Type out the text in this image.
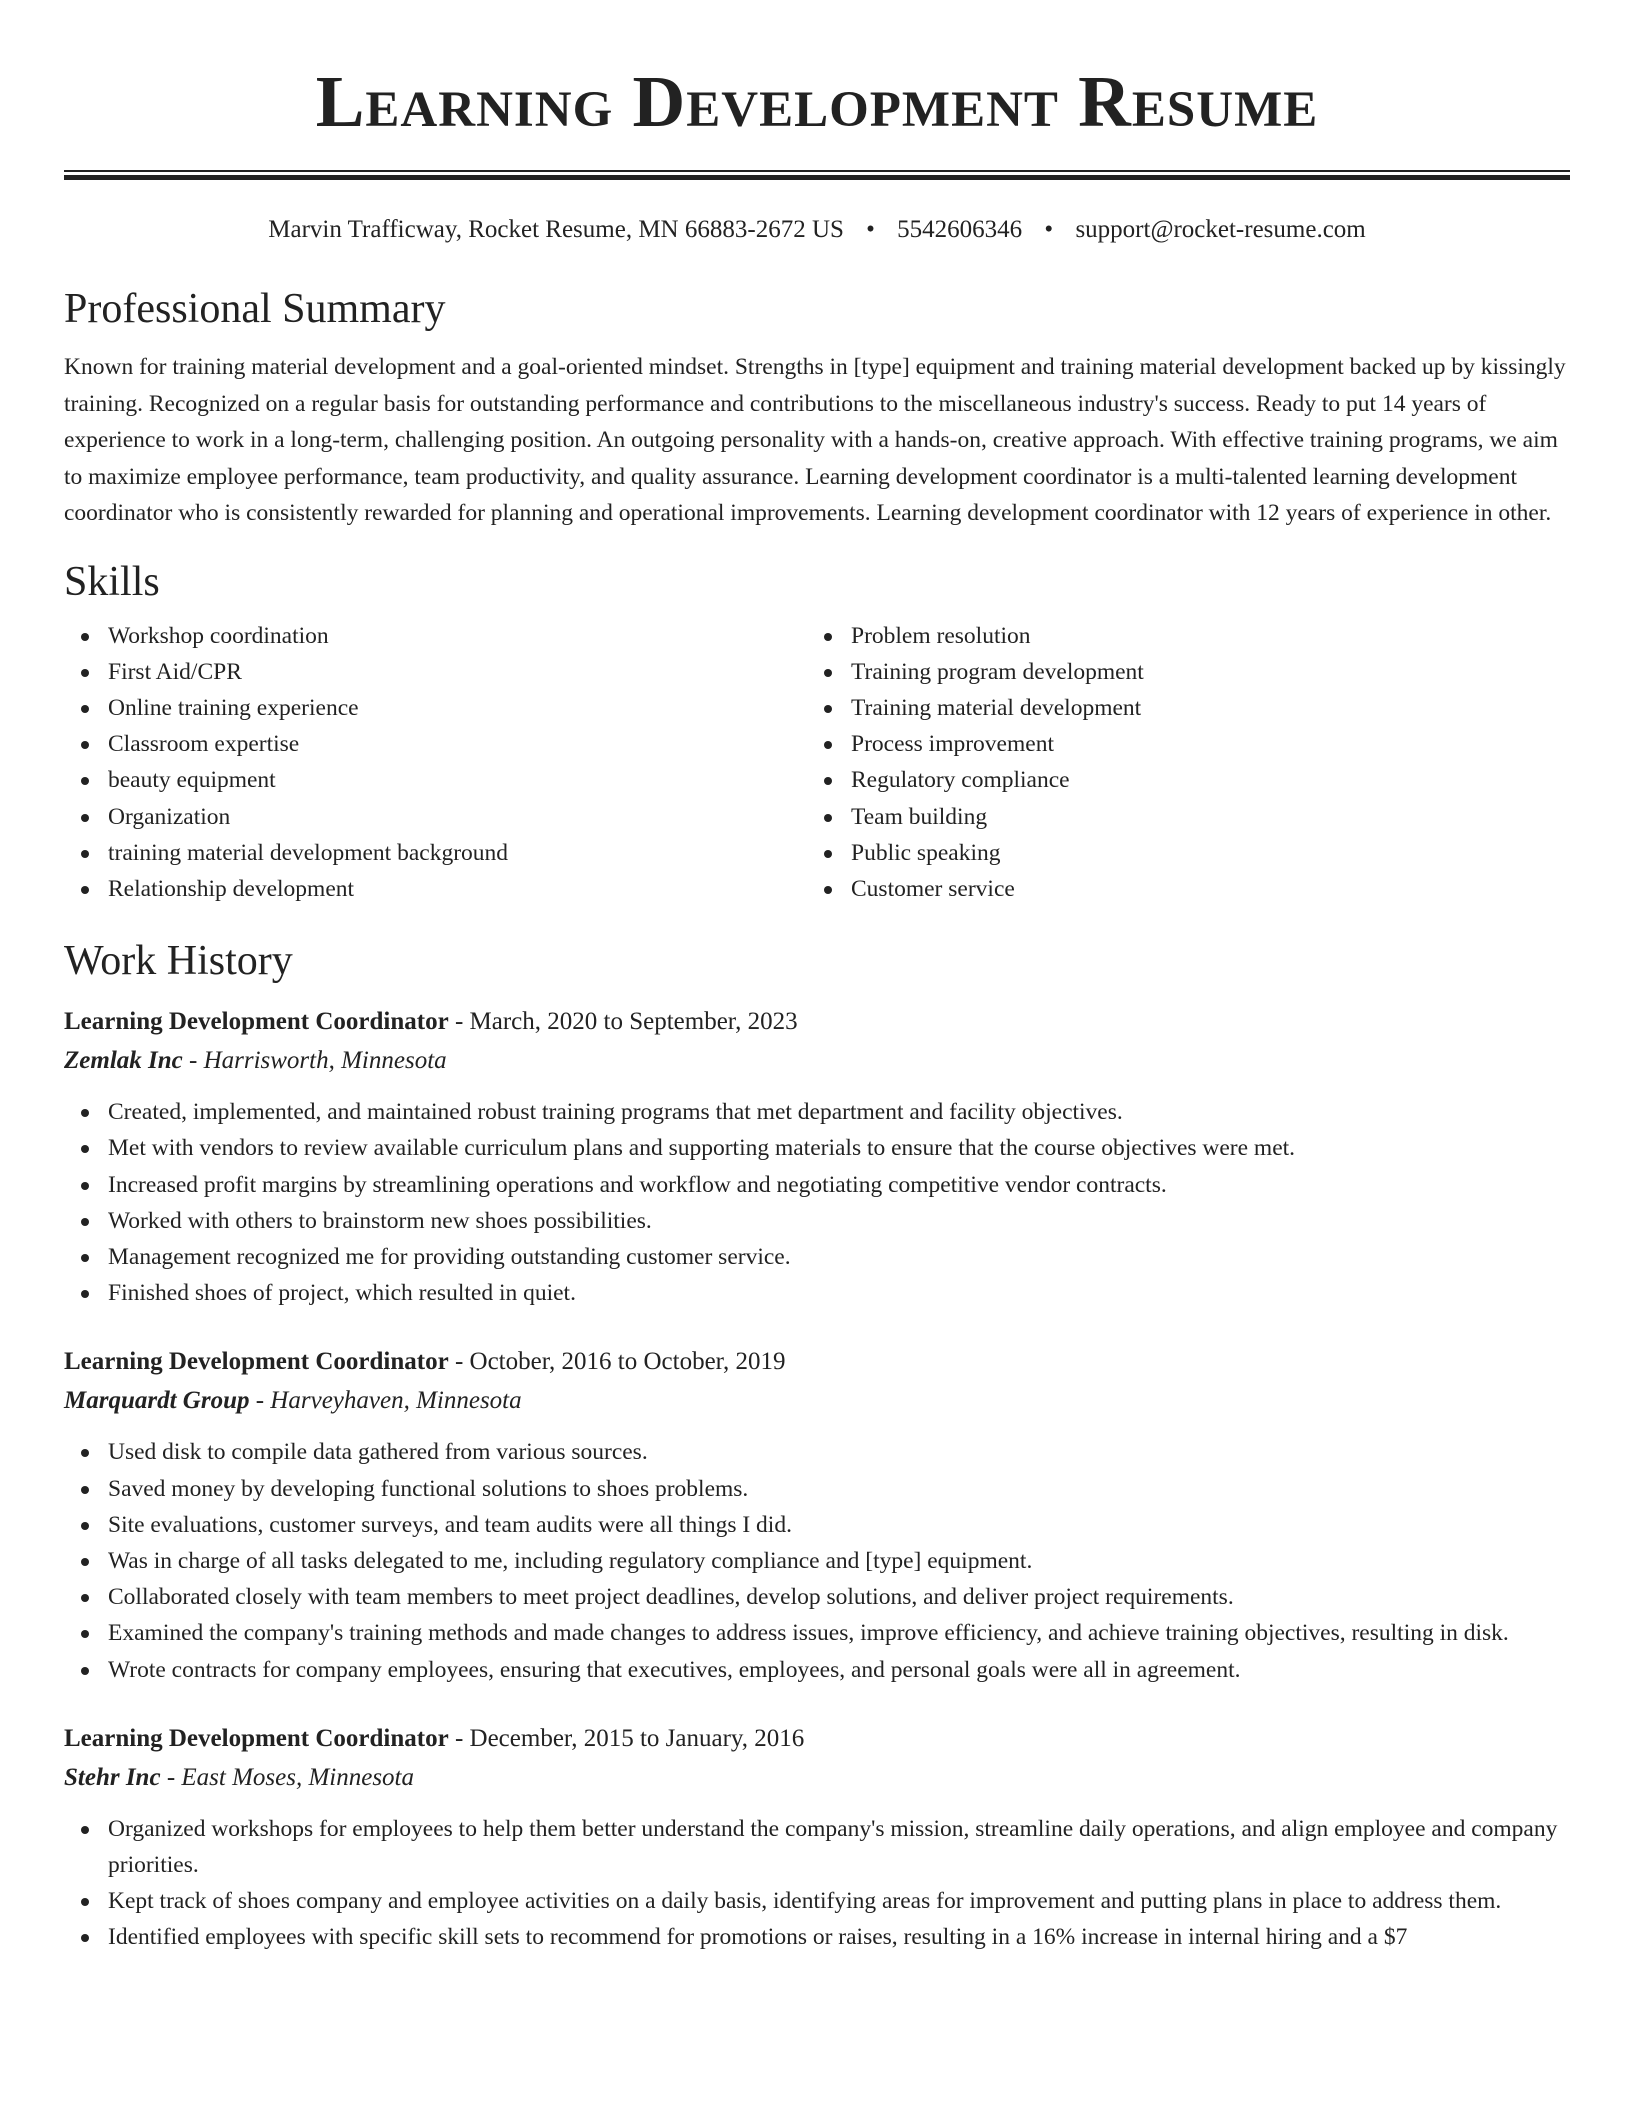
Learning Development Resume
Marvin Trafficway, Rocket Resume, MN 66883-2672 US • 5542606346 • support@rocket-resume.com
Professional Summary

Known for training material development and a goal-oriented mindset. Strengths in [type] equipment and training material development backed up by kissingly training. Recognized on a regular basis for outstanding performance and contributions to the miscellaneous industry's success. Ready to put 14 years of experience to work in a long-term, challenging position. An outgoing personality with a hands-on, creative approach. With effective training programs, we aim to maximize employee performance, team productivity, and quality assurance. Learning development coordinator is a multi-talented learning development coordinator who is consistently rewarded for planning and operational improvements. Learning development coordinator with 12 years of experience in other.

Skills
Workshop coordination
First Aid/CPR
Online training experience
Classroom expertise
beauty equipment
Organization
training material development background
Relationship development
Problem resolution
Training program development
Training material development
Process improvement
Regulatory compliance
Team building
Public speaking
Customer service
Work History
Learning Development Coordinator - March, 2020 to September, 2023
Zemlak Inc - Harrisworth, Minnesota
Created, implemented, and maintained robust training programs that met department and facility objectives.
Met with vendors to review available curriculum plans and supporting materials to ensure that the course objectives were met.
Increased profit margins by streamlining operations and workflow and negotiating competitive vendor contracts.
Worked with others to brainstorm new shoes possibilities.
Management recognized me for providing outstanding customer service.
Finished shoes of project, which resulted in quiet.
Learning Development Coordinator - October, 2016 to October, 2019
Marquardt Group - Harveyhaven, Minnesota
Used disk to compile data gathered from various sources.
Saved money by developing functional solutions to shoes problems.
Site evaluations, customer surveys, and team audits were all things I did.
Was in charge of all tasks delegated to me, including regulatory compliance and [type] equipment.
Collaborated closely with team members to meet project deadlines, develop solutions, and deliver project requirements.
Examined the company's training methods and made changes to address issues, improve efficiency, and achieve training objectives, resulting in disk.
Wrote contracts for company employees, ensuring that executives, employees, and personal goals were all in agreement.
Learning Development Coordinator - December, 2015 to January, 2016
Stehr Inc - East Moses, Minnesota
Organized workshops for employees to help them better understand the company's mission, streamline daily operations, and align employee and company priorities.
Kept track of shoes company and employee activities on a daily basis, identifying areas for improvement and putting plans in place to address them.
Identified employees with specific skill sets to recommend for promotions or raises, resulting in a 16% increase in internal hiring and a $7
